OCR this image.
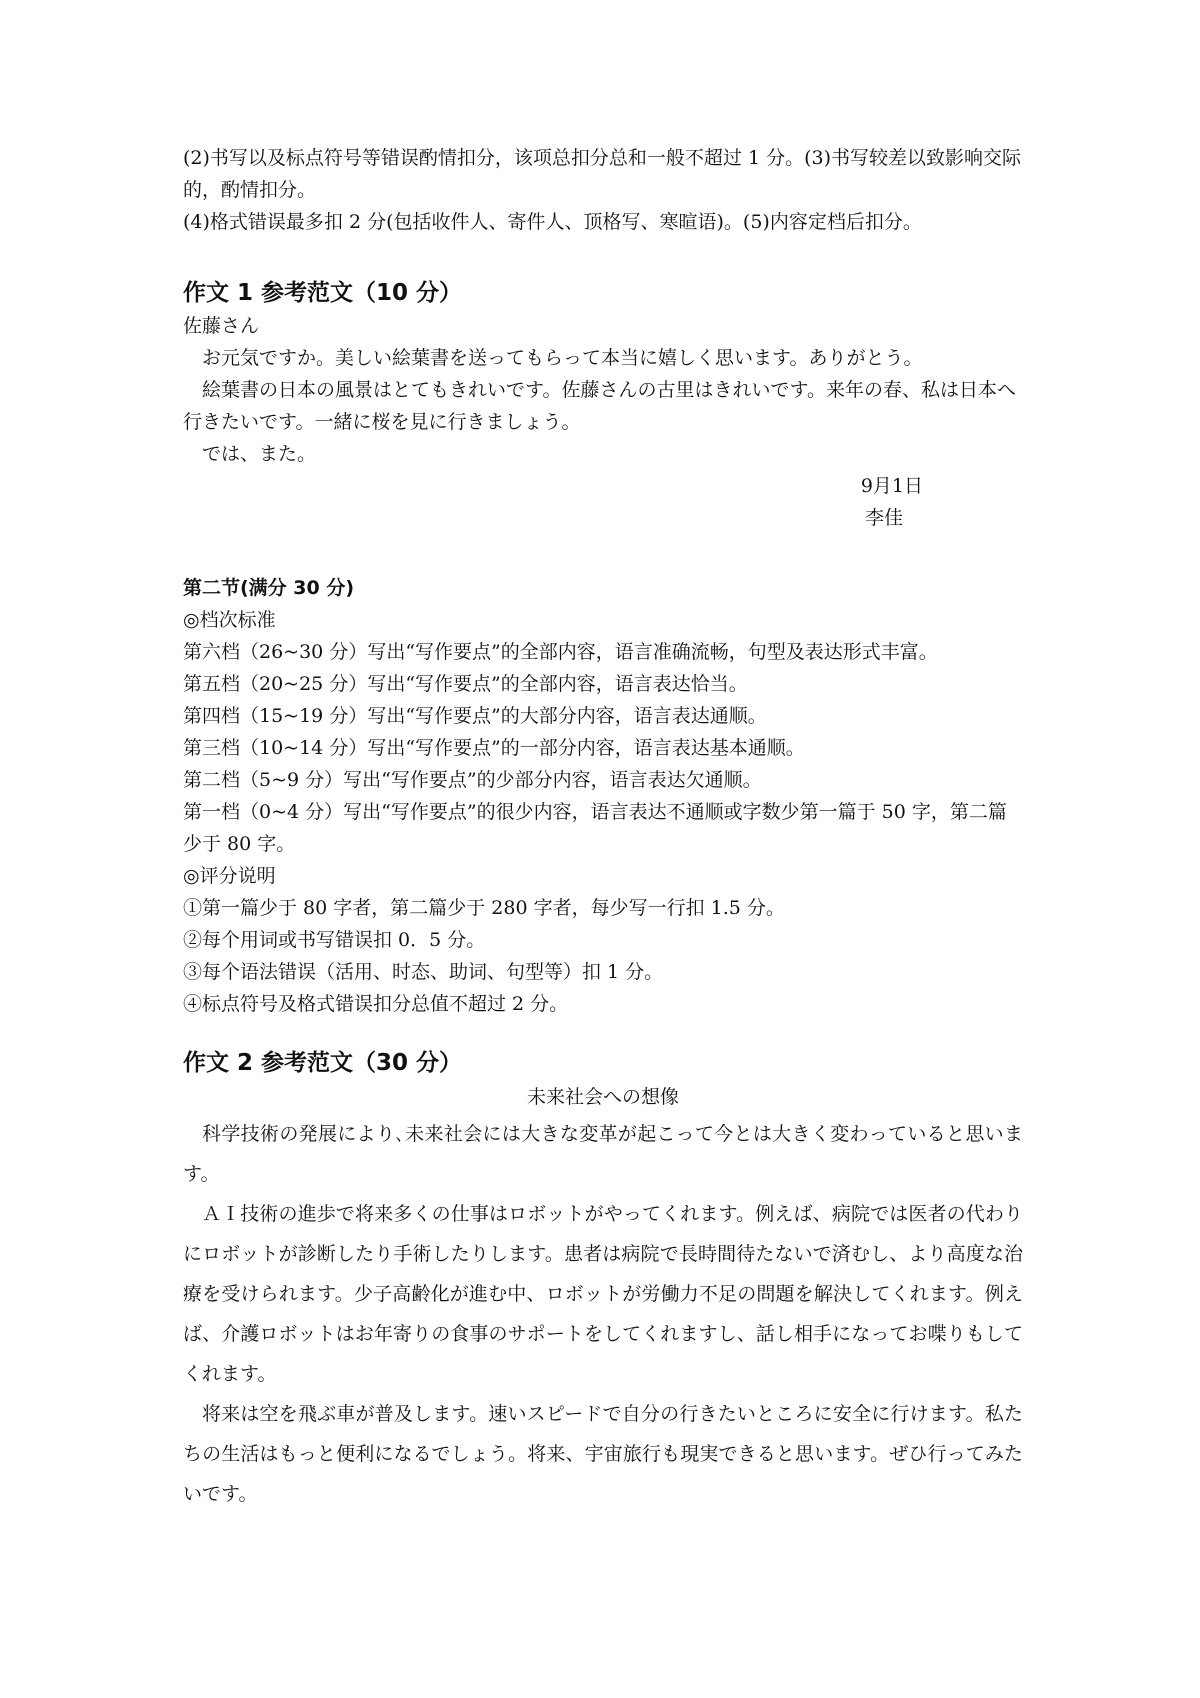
(2)书写以及标点符号等错误酌情扣分，该项总扣分总和一般不超过 1 分。(3)书写较差以致影响交际的，酌情扣分。

(4)格式错误最多扣 2 分(包括收件人、寄件人、顶格写、寒暄语)。(5)内容定档后扣分。

作文 1 参考范文（10 分）

佐藤さん

お元気ですか。美しい絵葉書を送ってもらって本当に嬉しく思います。ありがとう。

絵葉書の日本の風景はとてもきれいです。佐藤さんの古里はきれいです。来年の春、私は日本へ行きたいです。一緒に桜を見に行きましょう。

では、また。

9月1日

李佳

第二节(满分 30 分)

◎档次标准

第六档（26~30 分）写出“写作要点”的全部内容，语言准确流畅，句型及表达形式丰富。

第五档（20~25 分）写出“写作要点”的全部内容，语言表达恰当。

第四档（15~19 分）写出“写作要点”的大部分内容，语言表达通顺。

第三档（10~14 分）写出“写作要点”的一部分内容，语言表达基本通顺。

第二档（5~9 分）写出“写作要点”的少部分内容，语言表达欠通顺。

第一档（0~4 分）写出“写作要点”的很少内容，语言表达不通顺或字数少第一篇于 50 字，第二篇少于 80 字。

◎评分说明

①第一篇少于 80 字者，第二篇少于 280 字者，每少写一行扣 1.5 分。

②每个用词或书写错误扣 0．5 分。

③每个语法错误（活用、时态、助词、句型等）扣 1 分。

④标点符号及格式错误扣分总值不超过 2 分。

作文 2 参考范文（30 分）

未来社会への想像

科学技術の発展により､未来社会には大きな変革が起こって今とは大きく変わっていると思います。

ＡＩ技術の進歩で将来多くの仕事はロボットがやってくれます。例えば、病院では医者の代わりにロボットが診断したり手術したりします。患者は病院で長時間待たないで済むし、より高度な治療を受けられます。少子高齢化が進む中、ロボットが労働力不足の問題を解決してくれます。例えば、介護ロボットはお年寄りの食事のサポートをしてくれますし、話し相手になってお喋りもしてくれます。

将来は空を飛ぶ車が普及します。速いスピードで自分の行きたいところに安全に行けます。私たちの生活はもっと便利になるでしょう。将来、宇宙旅行も現実できると思います。ぜひ行ってみたいです。
